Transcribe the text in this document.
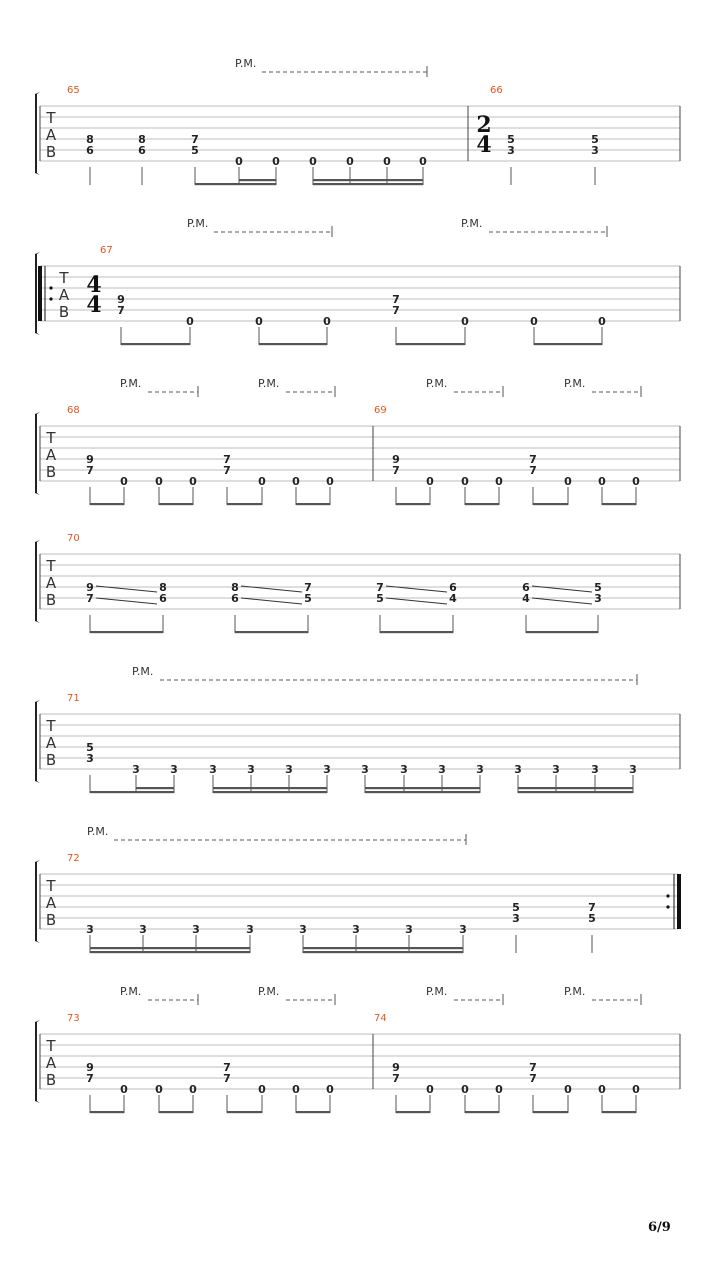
T
A
B
65
8
6
8
6
7
5
0	0	0	0	0	0
P.M.
66
2
4 5
3
5
3
T
A
B
67
4
4 9
7
0	0	0
7
7
0	0	0
P.M.	P.M.
T
A
B
68
9
7
0 0 0
7
7
0 0 0
P.M.	P.M.
69
9
7
0 0 0
7
7
0 0 0
P.M.	P.M.
T
A
B
70
9
7
8
6
8
6
7
5
7
5
6
4
6
4
5
3
T
A
B
71
5
3
3	3	3	3	3	3	3	3	3	3	3	3	3	3
P.M.
T
A
B
72
3	3	3	3	3	3	3	3
5
3
7
5
P.M.
T
A
B
73
9
7
0 0 0
7
7
0 0 0
P.M.	P.M.
74
9
7
0 0 0
7
7
0 0 0
P.M.	P.M.
6/9
